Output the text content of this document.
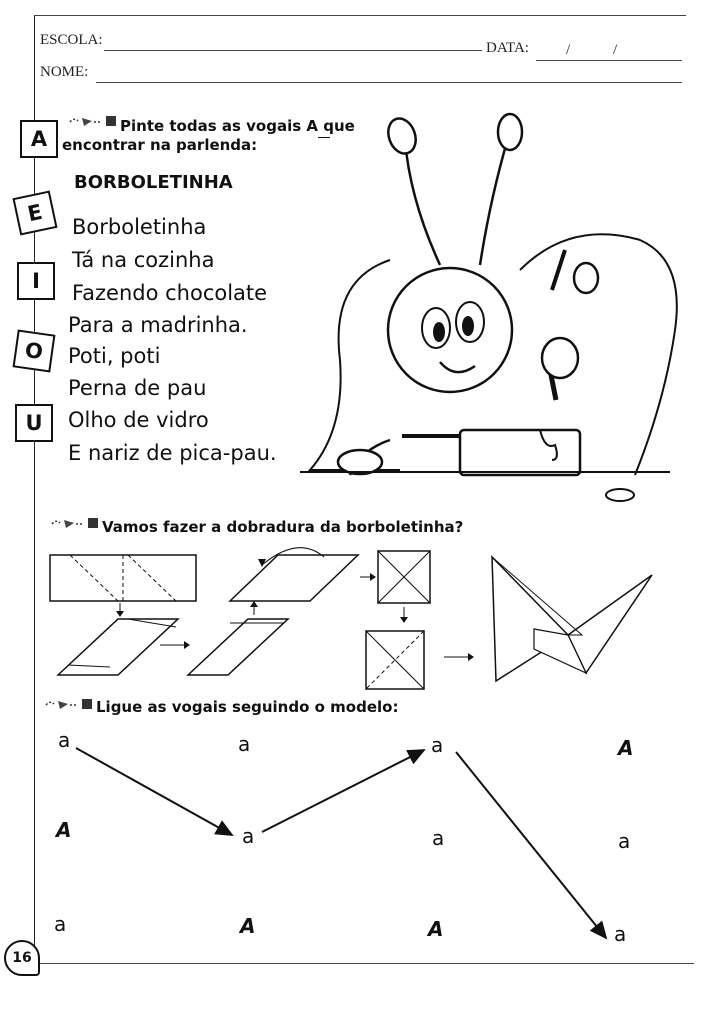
ESCOLA:	DATA: /	/
NOME:
A
E
I
O
U
Pinte todas as vogais A que
encontrar na parlenda:
BORBOLETINHA
Borboletinha
Tá na cozinha
Fazendo chocolate
Para a madrinha.
Poti, poti
Perna de pau
Olho de vidro
E nariz de pica-pau.
Vamos fazer a dobradura da borboletinha?
Ligue as vogais seguindo o modelo:
a	a	a	A
A	a	a	a
a	A	A	a
16
